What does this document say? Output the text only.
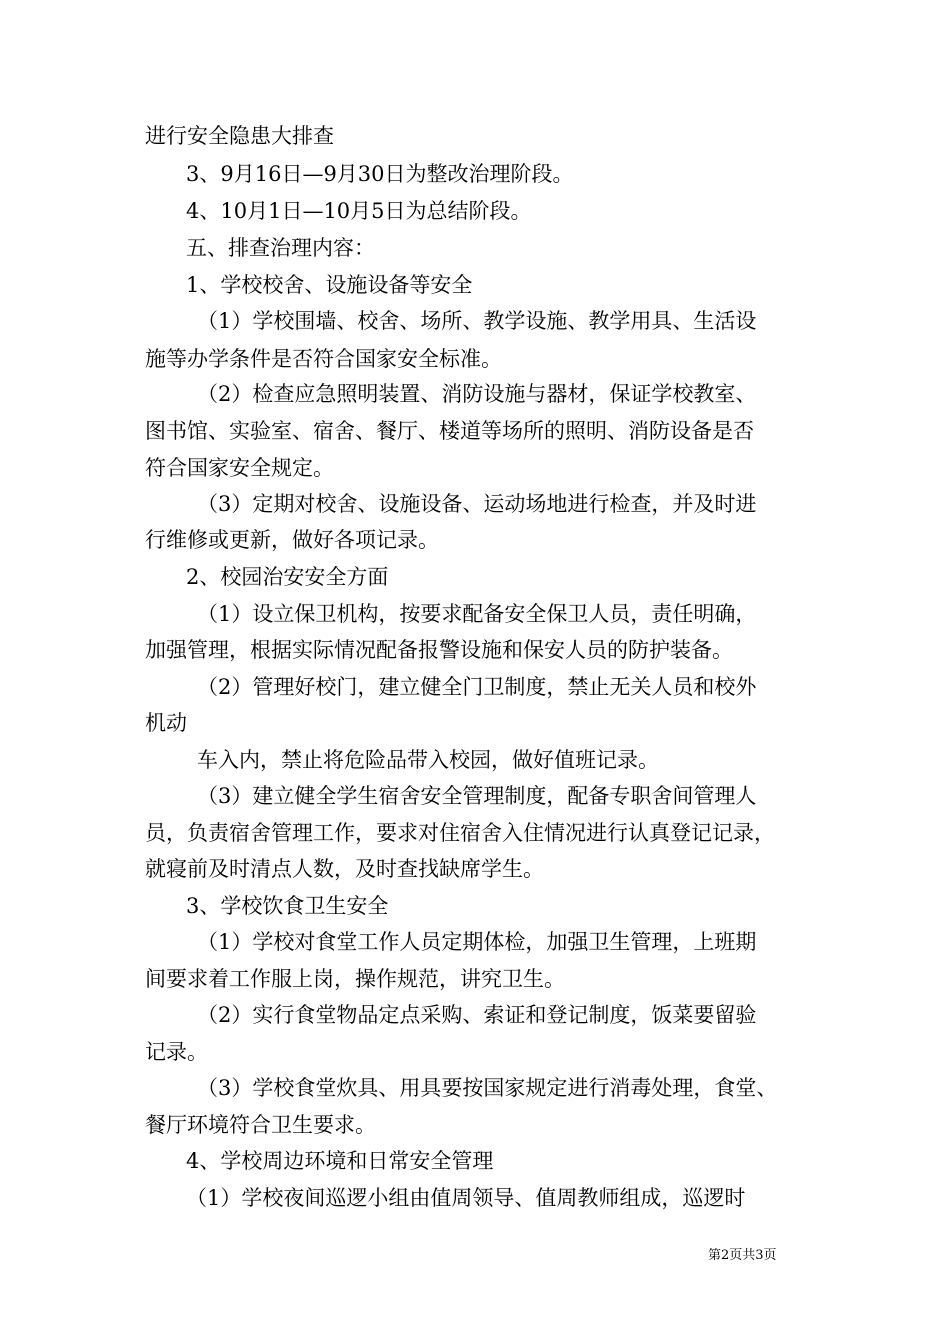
进行安全隐患大排查
3、9月16日—9月30日为整改治理阶段。
4、10月1日—10月5日为总结阶段。
五、排查治理内容：
1、学校校舍、设施设备等安全
（1）学校围墙、校舍、场所、教学设施、教学用具、生活设
施等办学条件是否符合国家安全标准。
（2）检查应急照明装置、消防设施与器材，保证学校教室、
图书馆、实验室、宿舍、餐厅、楼道等场所的照明、消防设备是否
符合国家安全规定。
（3）定期对校舍、设施设备、运动场地进行检查，并及时进
行维修或更新，做好各项记录。
2、校园治安安全方面
（1）设立保卫机构，按要求配备安全保卫人员，责任明确，
加强管理，根据实际情况配备报警设施和保安人员的防护装备。
（2）管理好校门，建立健全门卫制度，禁止无关人员和校外
机动
车入内，禁止将危险品带入校园，做好值班记录。
（3）建立健全学生宿舍安全管理制度，配备专职舍间管理人
员，负责宿舍管理工作，要求对住宿舍入住情况进行认真登记记录，
就寝前及时清点人数，及时查找缺席学生。
3、学校饮食卫生安全
（1）学校对食堂工作人员定期体检，加强卫生管理，上班期
间要求着工作服上岗，操作规范，讲究卫生。
（2）实行食堂物品定点采购、索证和登记制度，饭菜要留验
记录。
（3）学校食堂炊具、用具要按国家规定进行消毒处理，食堂、
餐厅环境符合卫生要求。
4、学校周边环境和日常安全管理
（1）学校夜间巡逻小组由值周领导、值周教师组成，巡逻时
第2页共3页
